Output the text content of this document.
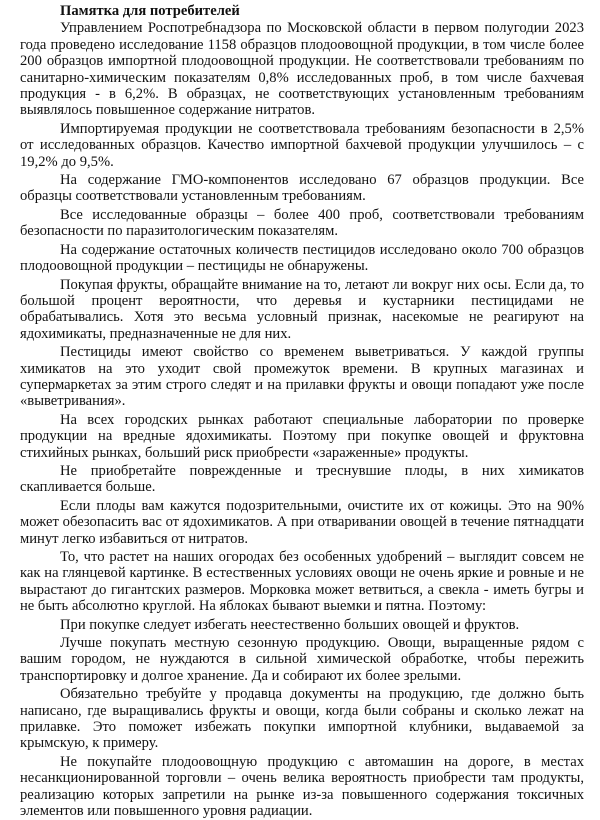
Памятка для потребителей

Управлением Роспотребнадзора по Московской области в первом полугодии 2023 года проведено исследование 1158 образцов плодоовощной продукции, в том числе более 200 образцов импортной плодоовощной продукции. Не соответствовали требованиям по санитарно-химическим показателям 0,8% исследованных проб, в том числе бахчевая продукция - в 6,2%. В образцах, не соответствующих установленным требованиям выявлялось повышенное содержание нитратов.

Импортируемая продукции не соответствовала требованиям безопасности в 2,5% от исследованных образцов. Качество импортной бахчевой продукции улучшилось – с 19,2% до 9,5%.

На содержание ГМО-компонентов исследовано 67 образцов продукции. Все образцы соответствовали установленным требованиям.

Все исследованные образцы – более 400 проб, соответствовали требованиям безопасности по паразитологическим показателям.

На содержание остаточных количеств пестицидов исследовано около 700 образцов плодоовощной продукции – пестициды не обнаружены.

Покупая фрукты, обращайте внимание на то, летают ли вокруг них осы. Если да, то большой процент вероятности, что деревья и кустарники пестицидами не обрабатывались. Хотя это весьма условный признак, насекомые не реагируют на ядохимикаты, предназначенные не для них.

Пестициды имеют свойство со временем выветриваться. У каждой группы химикатов на это уходит свой промежуток времени. В крупных магазинах и супермаркетах за этим строго следят и на прилавки фрукты и овощи попадают уже после «выветривания».

На всех городских рынках работают специальные лаборатории по проверке продукции на вредные ядохимикаты. Поэтому при покупке овощей и фруктовна стихийных рынках, больший риск приобрести «зараженные» продукты.

Не приобретайте поврежденные и треснувшие плоды, в них химикатов скапливается больше.

Если плоды вам кажутся подозрительными, очистите их от кожицы. Это на 90% может обезопасить вас от ядохимикатов. А при отваривании овощей в течение пятнадцати минут легко избавиться от нитратов.

То, что растет на наших огородах без особенных удобрений – выглядит совсем не как на глянцевой картинке. В естественных условиях овощи не очень яркие и ровные и не вырастают до гигантских размеров. Морковка может ветвиться, а свекла - иметь бугры и не быть абсолютно круглой. На яблоках бывают выемки и пятна. Поэтому:

При покупке следует избегать неестественно больших овощей и фруктов.

Лучше покупать местную сезонную продукцию. Овощи, выращенные рядом с вашим городом, не нуждаются в сильной химической обработке, чтобы пережить транспортировку и долгое хранение. Да и собирают их более зрелыми.

Обязательно требуйте у продавца документы на продукцию, где должно быть написано, где выращивались фрукты и овощи, когда были собраны и сколько лежат на прилавке. Это поможет избежать покупки импортной клубники, выдаваемой за крымскую, к примеру.

Не покупайте плодоовощную продукцию с автомашин на дороге, в местах несанкционированной торговли – очень велика вероятность приобрести там продукты, реализацию которых запретили на рынке из-за повышенного содержания токсичных элементов или повышенного уровня радиации.
